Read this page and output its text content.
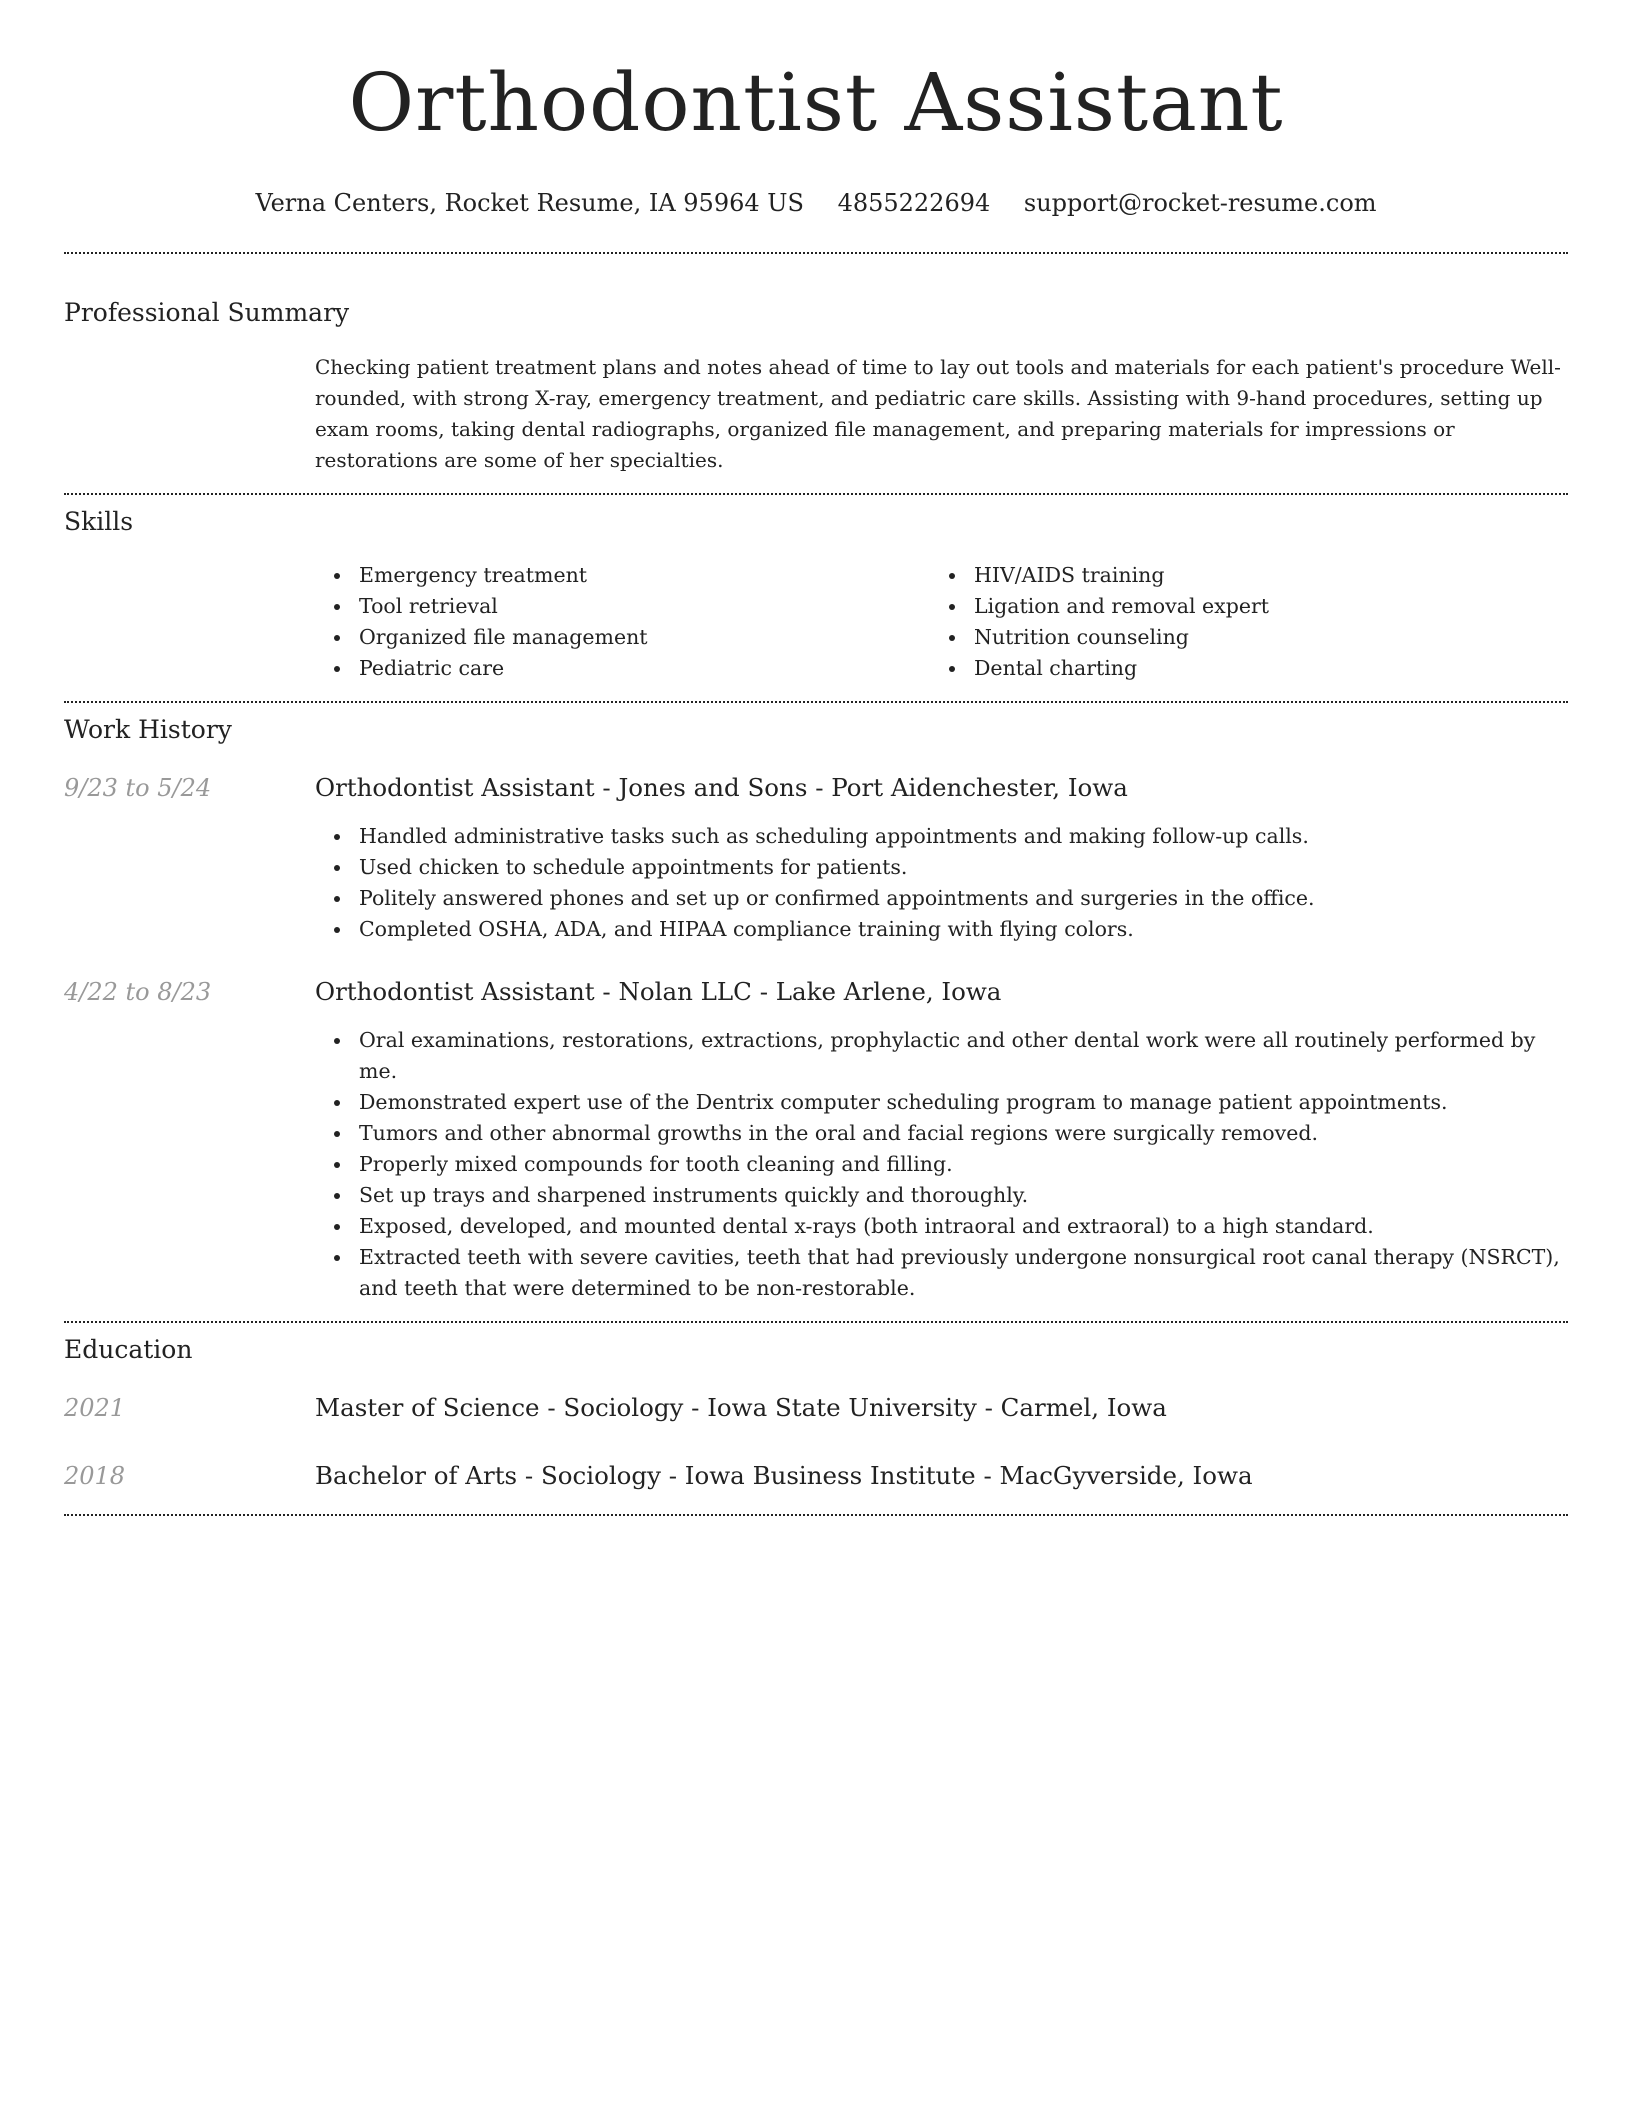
Orthodontist Assistant
Verna Centers, Rocket Resume, IA 95964 US 4855222694 support@rocket-resume.com
Professional Summary

Checking patient treatment plans and notes ahead of time to lay out tools and materials for each patient's procedure Well-rounded, with strong X-ray, emergency treatment, and pediatric care skills. Assisting with 9-hand procedures, setting up exam rooms, taking dental radiographs, organized file management, and preparing materials for impressions or restorations are some of her specialties.

Skills
Emergency treatment
Tool retrieval
Organized file management
Pediatric care
HIV/AIDS training
Ligation and removal expert
Nutrition counseling
Dental charting
Work History
9/23 to 5/24	Orthodontist Assistant - Jones and Sons - Port Aidenchester, Iowa
Handled administrative tasks such as scheduling appointments and making follow-up calls.
Used chicken to schedule appointments for patients.
Politely answered phones and set up or confirmed appointments and surgeries in the office.
Completed OSHA, ADA, and HIPAA compliance training with flying colors.
4/22 to 8/23	Orthodontist Assistant - Nolan LLC - Lake Arlene, Iowa
Oral examinations, restorations, extractions, prophylactic and other dental work were all routinely performed by me.
Demonstrated expert use of the Dentrix computer scheduling program to manage patient appointments.
Tumors and other abnormal growths in the oral and facial regions were surgically removed.
Properly mixed compounds for tooth cleaning and filling.
Set up trays and sharpened instruments quickly and thoroughly.
Exposed, developed, and mounted dental x-rays (both intraoral and extraoral) to a high standard.
Extracted teeth with severe cavities, teeth that had previously undergone nonsurgical root canal therapy (NSRCT), and teeth that were determined to be non-restorable.
Education
2021	Master of Science - Sociology - Iowa State University - Carmel, Iowa
2018	Bachelor of Arts - Sociology - Iowa Business Institute - MacGyverside, Iowa
